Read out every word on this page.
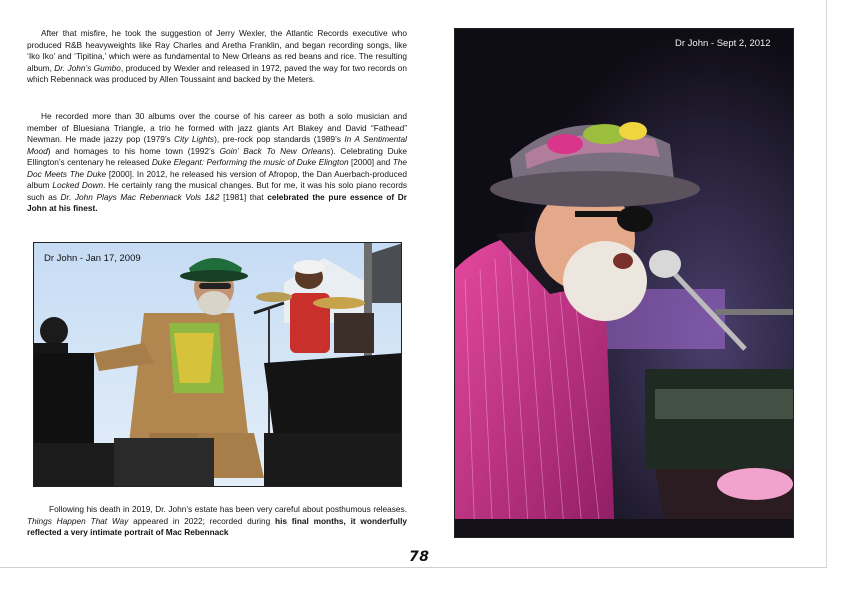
After that misfire, he took the suggestion of Jerry Wexler, the Atlantic Records executive who produced R&B heavyweights like Ray Charles and Aretha Franklin, and began recording songs, like ‘Iko Iko’ and ‘Tipitina,’ which were as fundamental to New Orleans as red beans and rice. The resulting album, Dr. John’s Gumbo, produced by Wexler and released in 1972, paved the way for two records on which Rebennack was produced by Allen Toussaint and backed by the Meters.

He recorded more than 30 albums over the course of his career as both a solo musician and member of Bluesiana Triangle, a trio he formed with jazz giants Art Blakey and David “Fathead” Newman. He made jazzy pop (1979’s City Lights), pre-rock pop standards (1989’s In A Sentimental Mood) and homages to his home town (1992’s Goin’ Back To New Orleans). Celebrating Duke Ellington’s centenary he released Duke Elegant: Performing the music of Duke Elington [2000] and The Doc Meets The Duke [2000]. In 2012, he released his version of Afropop, the Dan Auerbach-produced album Locked Down. He certainly rang the musical changes. But for me, it was his solo piano records such as Dr. John Plays Mac Rebennack Vols 1&2 [1981] that celebrated the pure essence of Dr John at his finest.

Dr John - Jan 17, 2009

Following his death in 2019, Dr. John’s estate has been very careful about posthumous releases. Things Happen That Way appeared in 2022; recorded during his final months, it wonderfully reflected a very intimate portrait of Mac Rebennack

Dr John - Sept 2, 2012
78
